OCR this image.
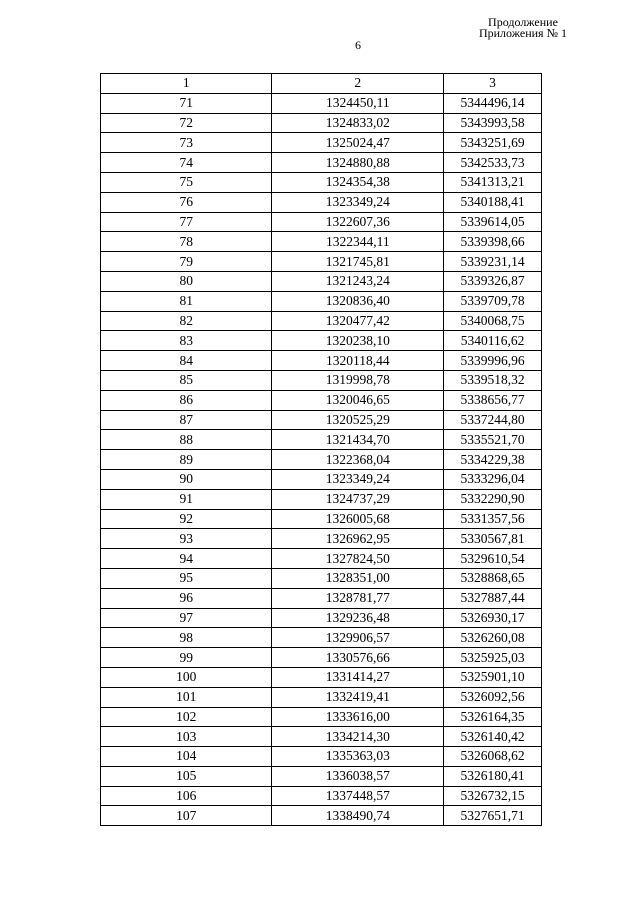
Продолжение
Приложения № 1
6
1	2	3
71	1324450,11	5344496,14
72	1324833,02	5343993,58
73	1325024,47	5343251,69
74	1324880,88	5342533,73
75	1324354,38	5341313,21
76	1323349,24	5340188,41
77	1322607,36	5339614,05
78	1322344,11	5339398,66
79	1321745,81	5339231,14
80	1321243,24	5339326,87
81	1320836,40	5339709,78
82	1320477,42	5340068,75
83	1320238,10	5340116,62
84	1320118,44	5339996,96
85	1319998,78	5339518,32
86	1320046,65	5338656,77
87	1320525,29	5337244,80
88	1321434,70	5335521,70
89	1322368,04	5334229,38
90	1323349,24	5333296,04
91	1324737,29	5332290,90
92	1326005,68	5331357,56
93	1326962,95	5330567,81
94	1327824,50	5329610,54
95	1328351,00	5328868,65
96	1328781,77	5327887,44
97	1329236,48	5326930,17
98	1329906,57	5326260,08
99	1330576,66	5325925,03
100	1331414,27	5325901,10
101	1332419,41	5326092,56
102	1333616,00	5326164,35
103	1334214,30	5326140,42
104	1335363,03	5326068,62
105	1336038,57	5326180,41
106	1337448,57	5326732,15
107	1338490,74	5327651,71
